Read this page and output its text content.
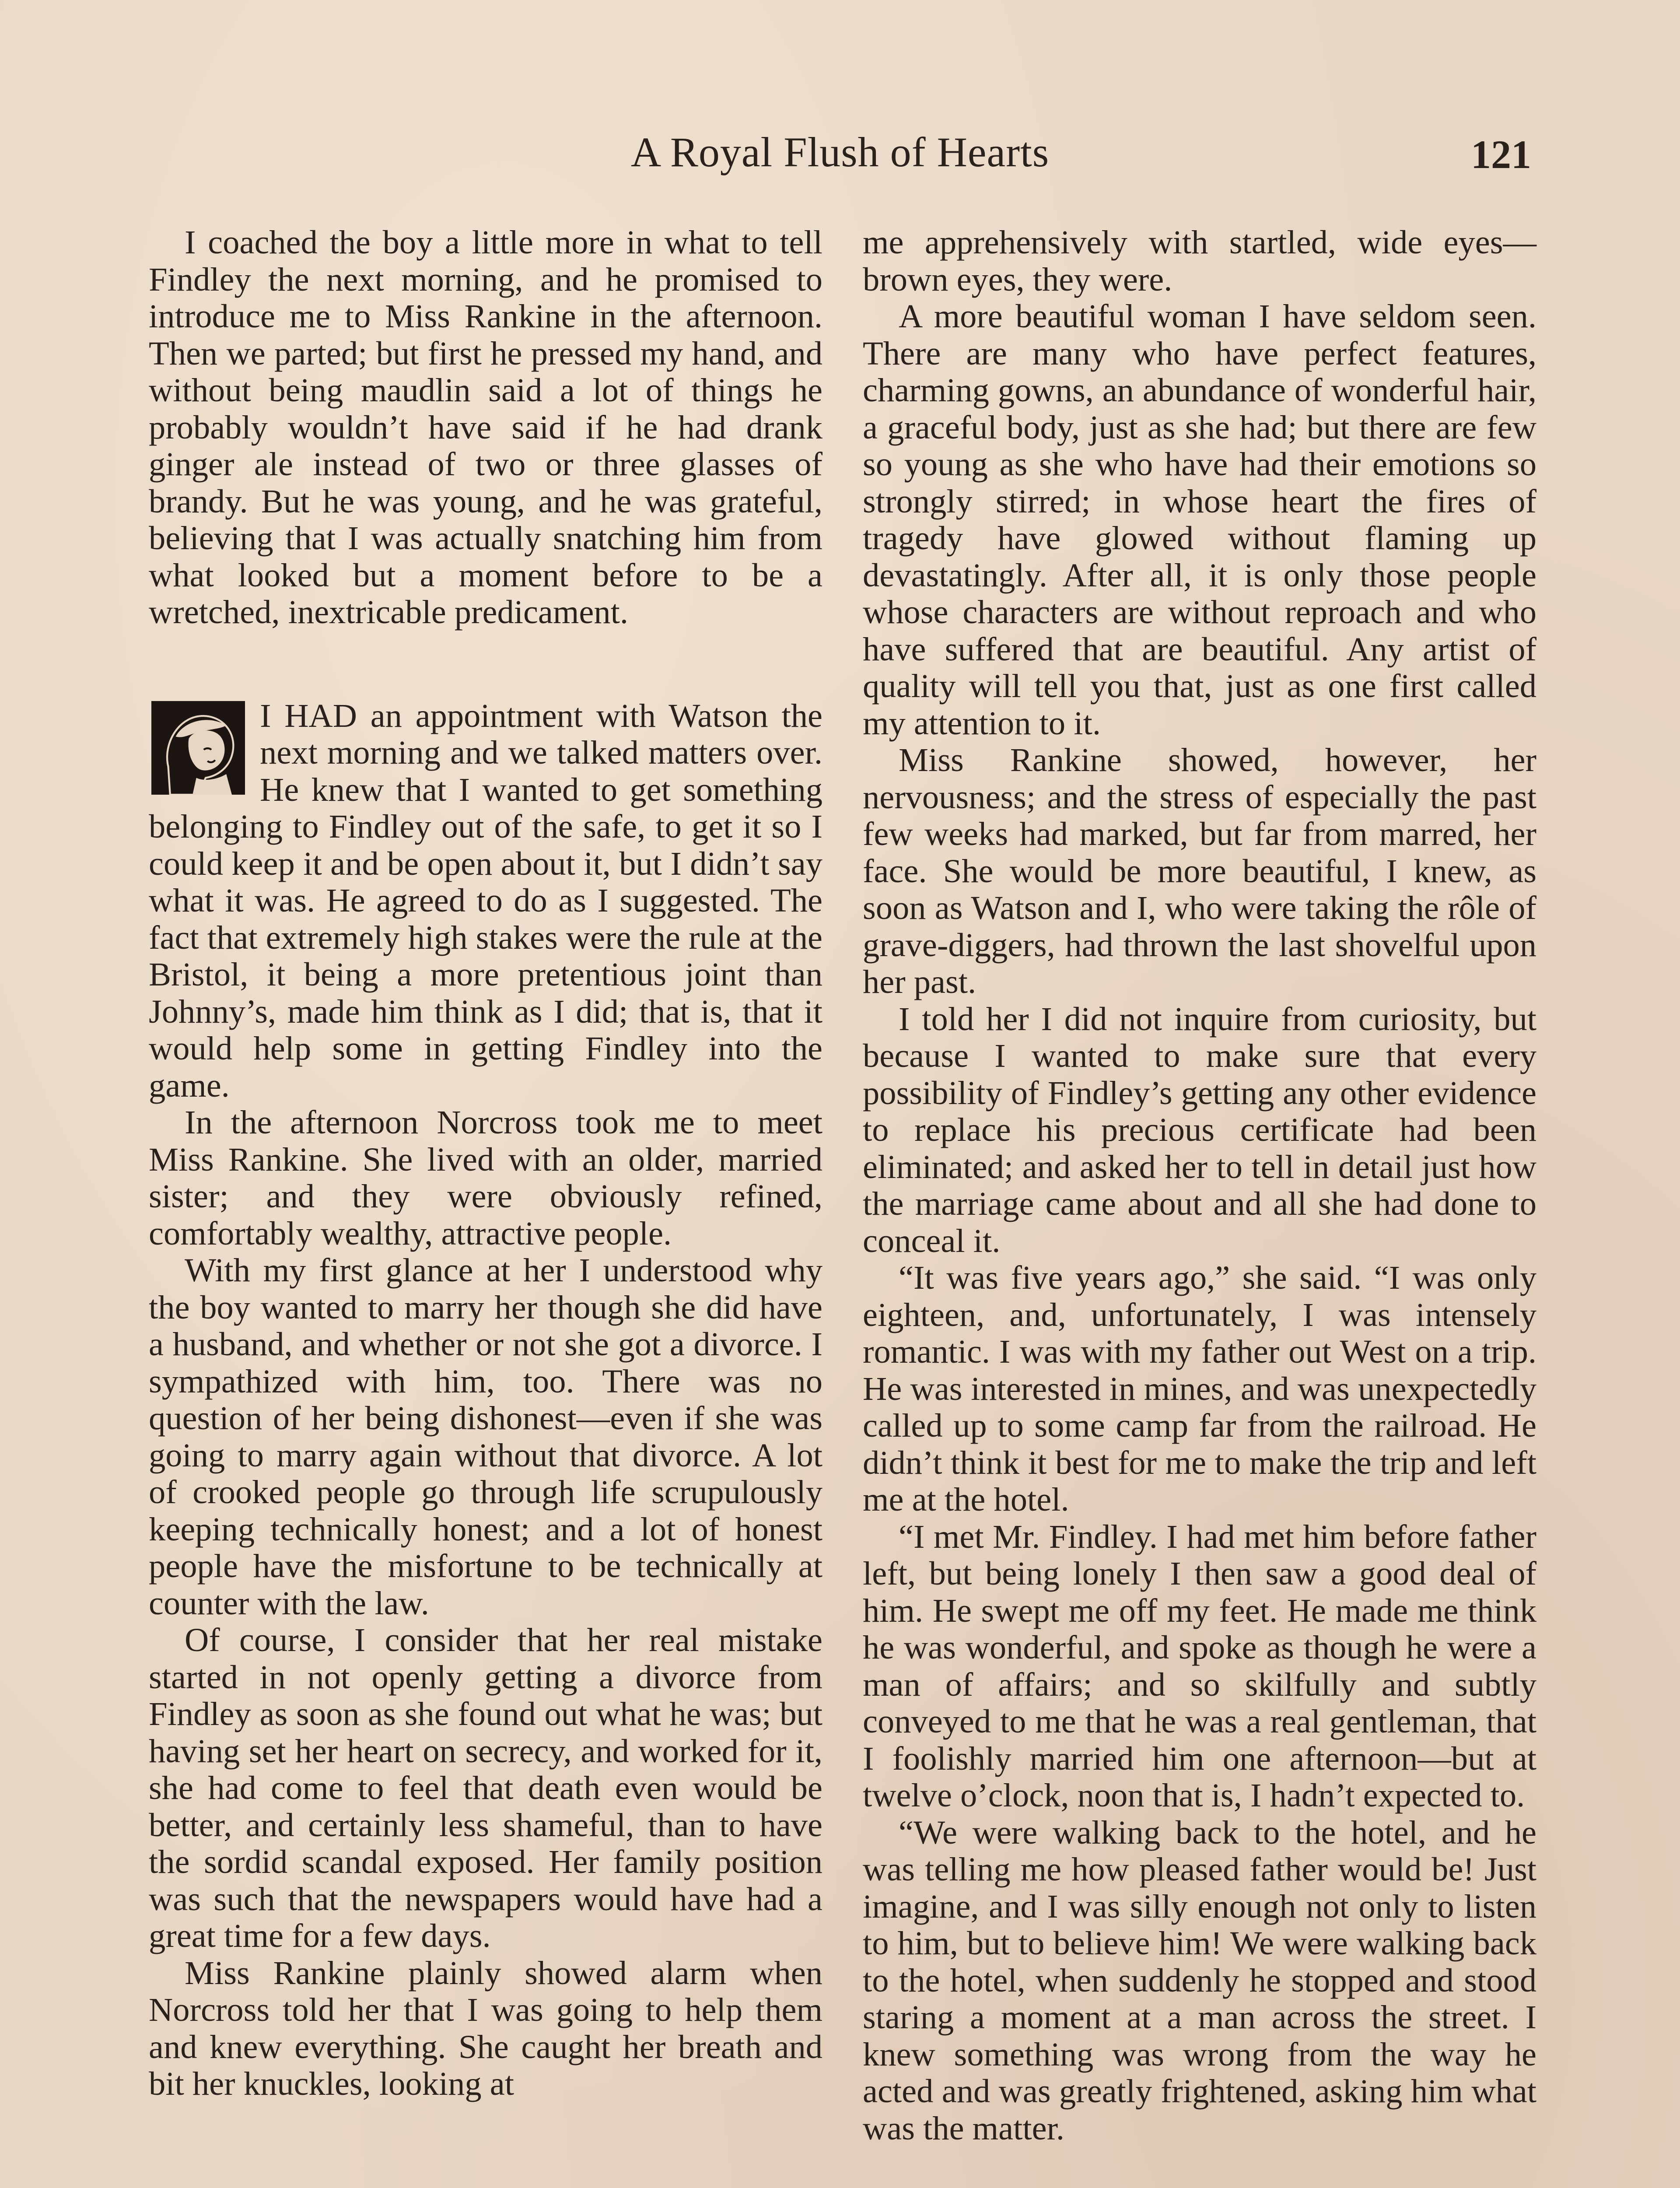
A Royal Flush of Hearts	121

I coached the boy a little more in what to tell Findley the next morning, and he promised to introduce me to Miss Rankine in the afternoon. Then we parted; but first he pressed my hand, and without being maudlin said a lot of things he probably wouldn’t have said if he had drank ginger ale instead of two or three glasses of brandy. But he was young, and he was grateful, believing that I was actually snatching him from what looked but a moment before to be a wretched, inextricable predicament.

I HAD an appointment with Watson the next morning and we talked matters over. He knew that I wanted to get something belonging to Findley out of the safe, to get it so I could keep it and be open about it, but I didn’t say what it was. He agreed to do as I suggested. The fact that extremely high stakes were the rule at the Bristol, it being a more pretentious joint than Johnny’s, made him think as I did; that is, that it would help some in getting Findley into the game.

In the afternoon Norcross took me to meet Miss Rankine. She lived with an older, married sister; and they were obviously refined, comfortably wealthy, attractive people.

With my first glance at her I understood why the boy wanted to marry her though she did have a husband, and whether or not she got a divorce. I sympathized with him, too. There was no question of her being dishonest—even if she was going to marry again without that divorce. A lot of crooked people go through life scrupulously keeping technically honest; and a lot of honest people have the misfortune to be technically at counter with the law.

Of course, I consider that her real mistake started in not openly getting a divorce from Findley as soon as she found out what he was; but having set her heart on secrecy, and worked for it, she had come to feel that death even would be better, and certainly less shameful, than to have the sordid scandal exposed. Her family position was such that the newspapers would have had a great time for a few days.

Miss Rankine plainly showed alarm when Norcross told her that I was going to help them and knew everything. She caught her breath and bit her knuckles, looking at

me apprehensively with startled, wide eyes—brown eyes, they were.

A more beautiful woman I have seldom seen. There are many who have perfect features, charming gowns, an abundance of wonderful hair, a graceful body, just as she had; but there are few so young as she who have had their emotions so strongly stirred; in whose heart the fires of tragedy have glowed without flaming up devastatingly. After all, it is only those people whose characters are without reproach and who have suffered that are beautiful. Any artist of quality will tell you that, just as one first called my attention to it.

Miss Rankine showed, however, her nervousness; and the stress of especially the past few weeks had marked, but far from marred, her face. She would be more beautiful, I knew, as soon as Watson and I, who were taking the rôle of grave-diggers, had thrown the last shovelful upon her past.

I told her I did not inquire from curiosity, but because I wanted to make sure that every possibility of Findley’s getting any other evidence to replace his precious certificate had been eliminated; and asked her to tell in detail just how the marriage came about and all she had done to conceal it.

“It was five years ago,” she said. “I was only eighteen, and, unfortunately, I was intensely romantic. I was with my father out West on a trip. He was interested in mines, and was unexpectedly called up to some camp far from the railroad. He didn’t think it best for me to make the trip and left me at the hotel.

“I met Mr. Findley. I had met him before father left, but being lonely I then saw a good deal of him. He swept me off my feet. He made me think he was wonderful, and spoke as though he were a man of affairs; and so skilfully and subtly conveyed to me that he was a real gentleman, that I foolishly married him one afternoon—but at twelve o’clock, noon that is, I hadn’t expected to.

“We were walking back to the hotel, and he was telling me how pleased father would be! Just imagine, and I was silly enough not only to listen to him, but to believe him! We were walking back to the hotel, when suddenly he stopped and stood staring a moment at a man across the street. I knew something was wrong from the way he acted and was greatly frightened, asking him what was the matter.
